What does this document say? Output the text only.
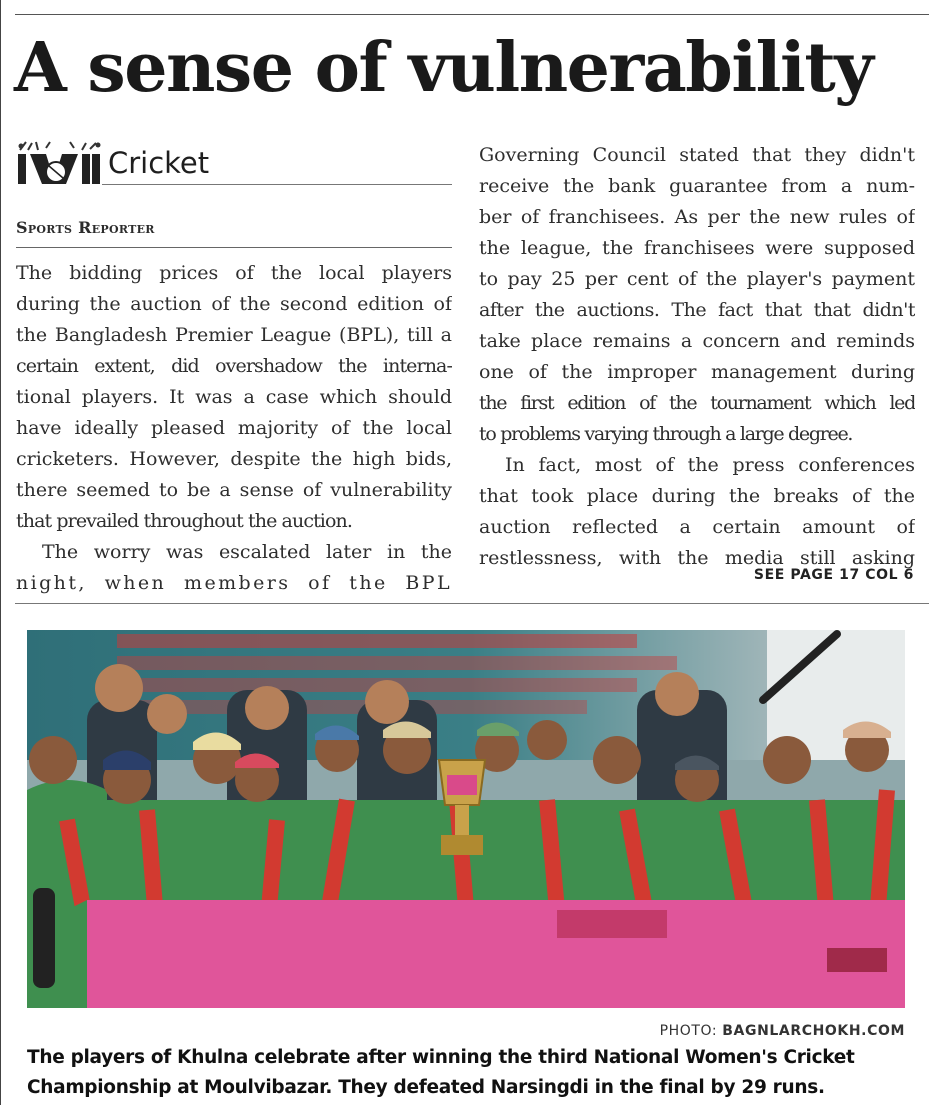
A sense of vulnerability
Cricket
Sports Reporter
The bidding prices of the local players
during the auction of the second edition of
the Bangladesh Premier League (BPL), till a
certain extent, did overshadow the interna-
tional players. It was a case which should
have ideally pleased majority of the local
cricketers. However, despite the high bids,
there seemed to be a sense of vulnerability
that prevailed throughout the auction.
The worry was escalated later in the
night, when members of the BPL
Governing Council stated that they didn't
receive the bank guarantee from a num-
ber of franchisees. As per the new rules of
the league, the franchisees were supposed
to pay 25 per cent of the player's payment
after the auctions. The fact that that didn't
take place remains a concern and reminds
one of the improper management during
the first edition of the tournament which led
to problems varying through a large degree.
In fact, most of the press conferences
that took place during the breaks of the
auction reflected a certain amount of
restlessness, with the media still asking
SEE PAGE 17 COL 6
PHOTO: BAGNLARCHOKH.COM
The players of Khulna celebrate after winning the third National Women's Cricket
Championship at Moulvibazar. They defeated Narsingdi in the final by 29 runs.
